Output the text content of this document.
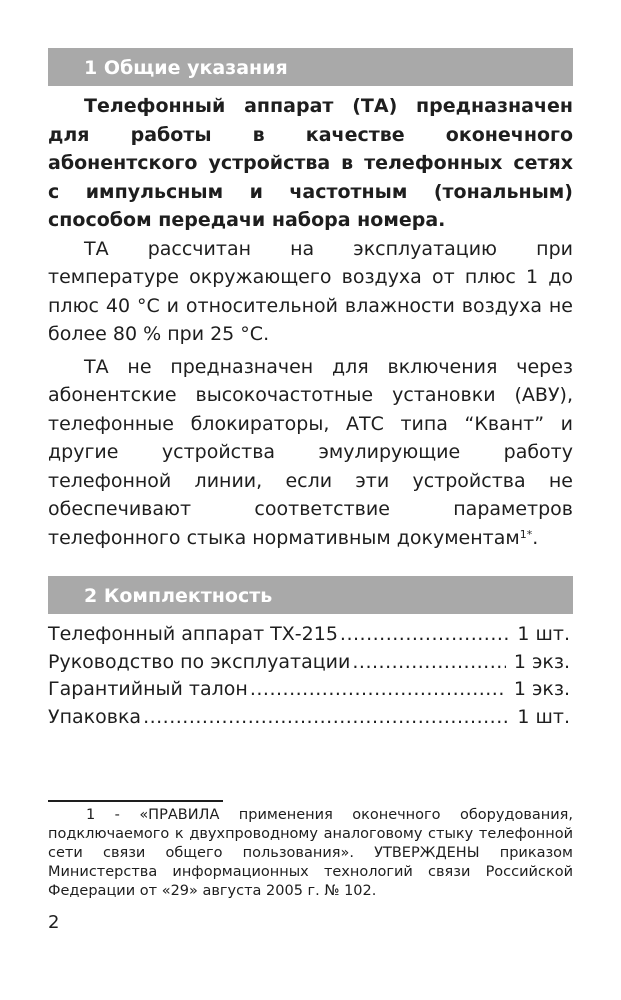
1 Общие указания

Телефонный аппарат (ТА) предназначен для работы в качестве оконечного абонентского устройства в телефонных сетях с импульсным и частотным (тональным) способом передачи набора номера.

ТА рассчитан на эксплуатацию при температуре окружающего воздуха от плюс 1 до плюс 40 °С и относительной влажности воздуха не более 80 % при 25 °С.

ТА не предназначен для включения через абонентские высокочастотные установки (АВУ), телефонные блокираторы, АТС типа “Квант” и другие устройства эмулирующие работу телефонной линии, если эти устройства не обеспечивают соответствие параметров телефонного стыка нормативным документам$^{1*}$.

2 Комплектность
Телефонный аппарат ТХ-215 .....	1 шт.
Руководство по эксплуатации .....	1 экз.
Гарантийный талон .....	1 экз.
Упаковка .....	1 шт.

1 - «ПРАВИЛА применения оконечного оборудования, подключаемого к двухпроводному аналоговому стыку телефонной сети связи общего пользования». УТВЕРЖДЕНЫ приказом Министерства информационных технологий связи Российской Федерации от «29» августа 2005 г. № 102.

2
